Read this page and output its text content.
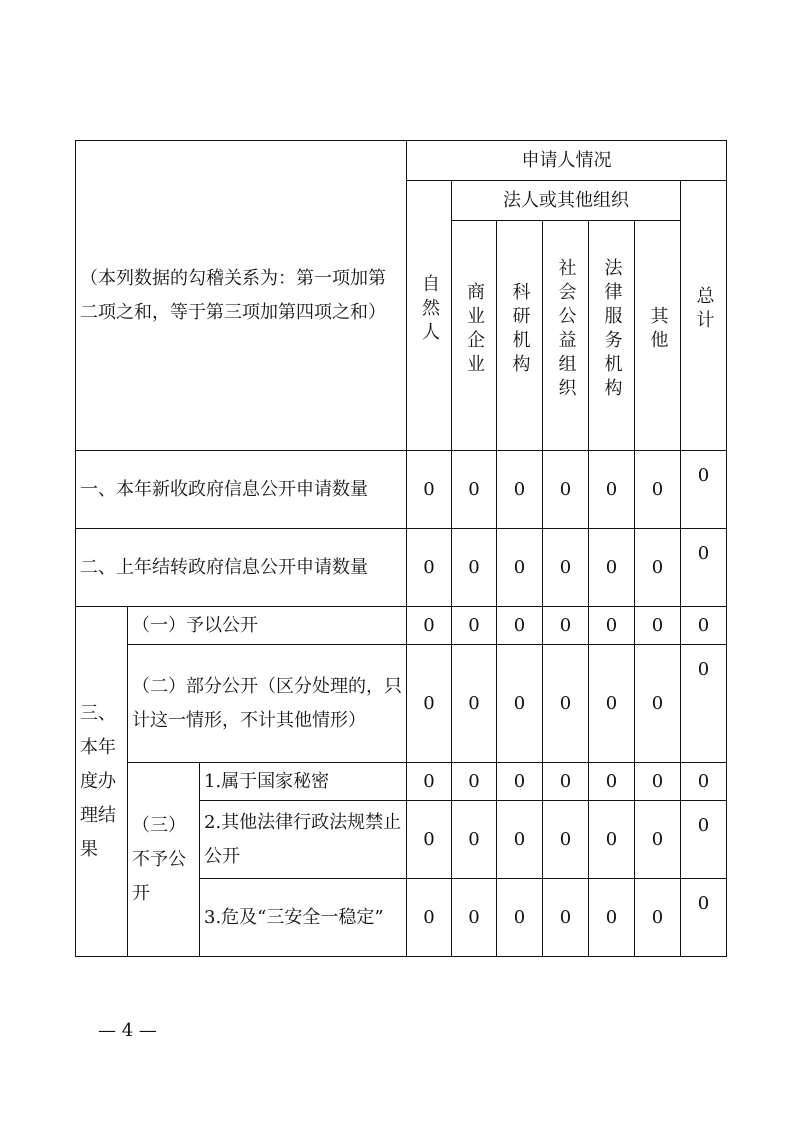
（本列数据的勾稽关系为：第一项加第二项之和，等于第三项加第四项之和）			申请人情况						
			自然人	法人或其他组织					总计
				商业企业	科研机构	社会公益组织	法律服务机构	其他	
一、本年新收政府信息公开申请数量			0	0	0	0	0	0	0
二、上年结转政府信息公开申请数量			0	0	0	0	0	0	0
三、本年度办理结果	（一）予以公开		0	0	0	0	0	0	0
	（二）部分公开（区分处理的，只计这一情形，不计其他情形）		0	0	0	0	0	0	0
	（三）不予公开	1.属于国家秘密	0	0	0	0	0	0	0
		2.其他法律行政法规禁止公开	0	0	0	0	0	0	0
		3.危及“三安全一稳定”	0	0	0	0	0	0	0
— 4 —
